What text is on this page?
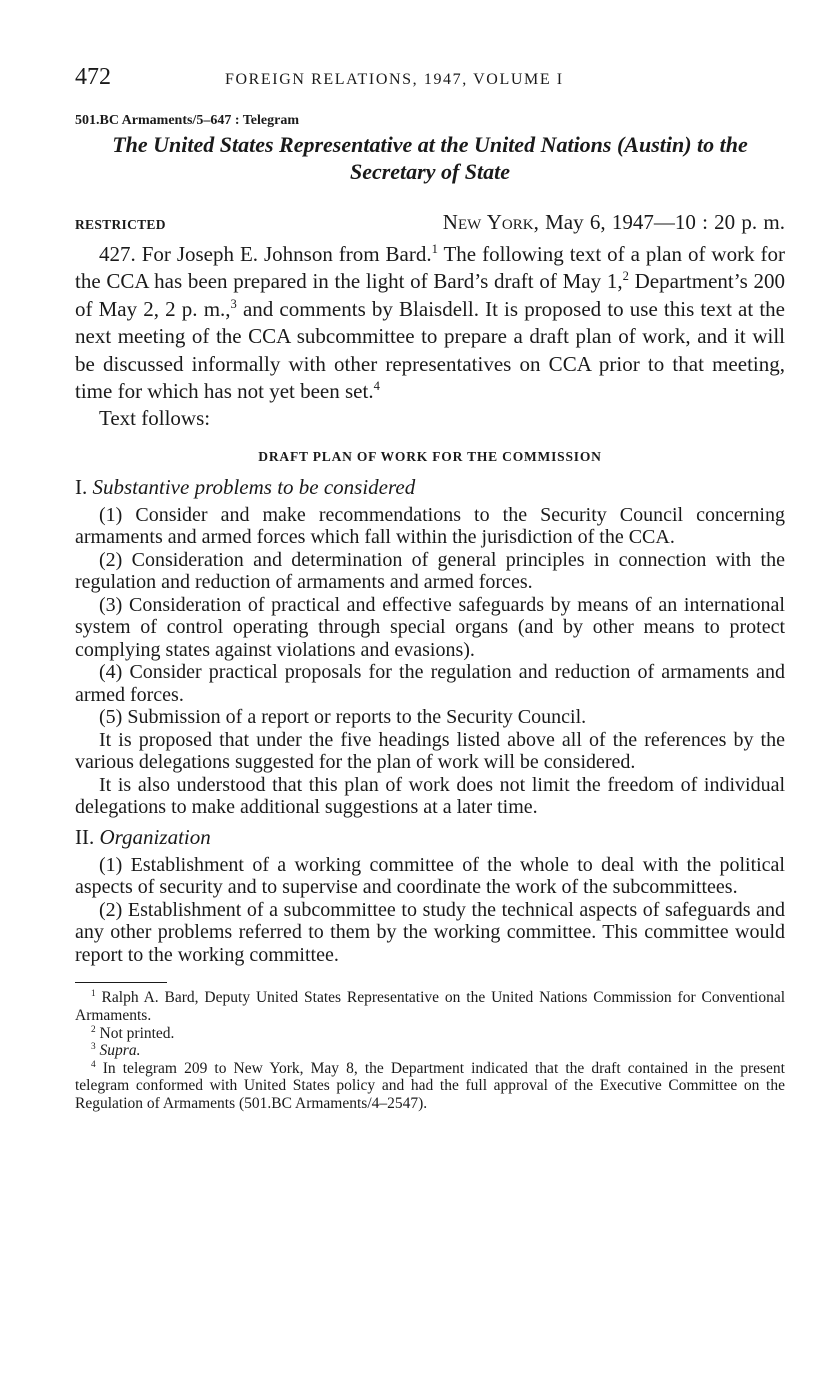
472	FOREIGN RELATIONS, 1947, VOLUME I
501.BC Armaments/5–647 : Telegram
The United States Representative at the United Nations (Austin) to the Secretary of State
RESTRICTED	New York, May 6, 1947—10 : 20 p. m.

427. For Joseph E. Johnson from Bard.$^1$ The following text of a plan of work for the CCA has been prepared in the light of Bard’s draft of May 1,$^2$ Department’s 200 of May 2, 2 p. m.,$^3$ and comments by Blaisdell. It is proposed to use this text at the next meeting of the CCA subcommittee to prepare a draft plan of work, and it will be discussed informally with other representatives on CCA prior to that meeting, time for which has not yet been set.$^4$

Text follows:

DRAFT PLAN OF WORK FOR THE COMMISSION
I. Substantive problems to be considered

(1) Consider and make recommendations to the Security Council concerning armaments and armed forces which fall within the jurisdiction of the CCA.

(2) Consideration and determination of general principles in connection with the regulation and reduction of armaments and armed forces.

(3) Consideration of practical and effective safeguards by means of an international system of control operating through special organs (and by other means to protect complying states against violations and evasions).

(4) Consider practical proposals for the regulation and reduction of armaments and armed forces.

(5) Submission of a report or reports to the Security Council.

It is proposed that under the five headings listed above all of the references by the various delegations suggested for the plan of work will be considered.

It is also understood that this plan of work does not limit the freedom of individual delegations to make additional suggestions at a later time.

II. Organization

(1) Establishment of a working committee of the whole to deal with the political aspects of security and to supervise and coordinate the work of the subcommittees.

(2) Establishment of a subcommittee to study the technical aspects of safeguards and any other problems referred to them by the working committee. This committee would report to the working committee.

$^1$ Ralph A. Bard, Deputy United States Representative on the United Nations Commission for Conventional Armaments.

$^2$ Not printed.

$^3$ Supra.

$^4$ In telegram 209 to New York, May 8, the Department indicated that the draft contained in the present telegram conformed with United States policy and had the full approval of the Executive Committee on the Regulation of Armaments (501.BC Armaments/4–2547).
